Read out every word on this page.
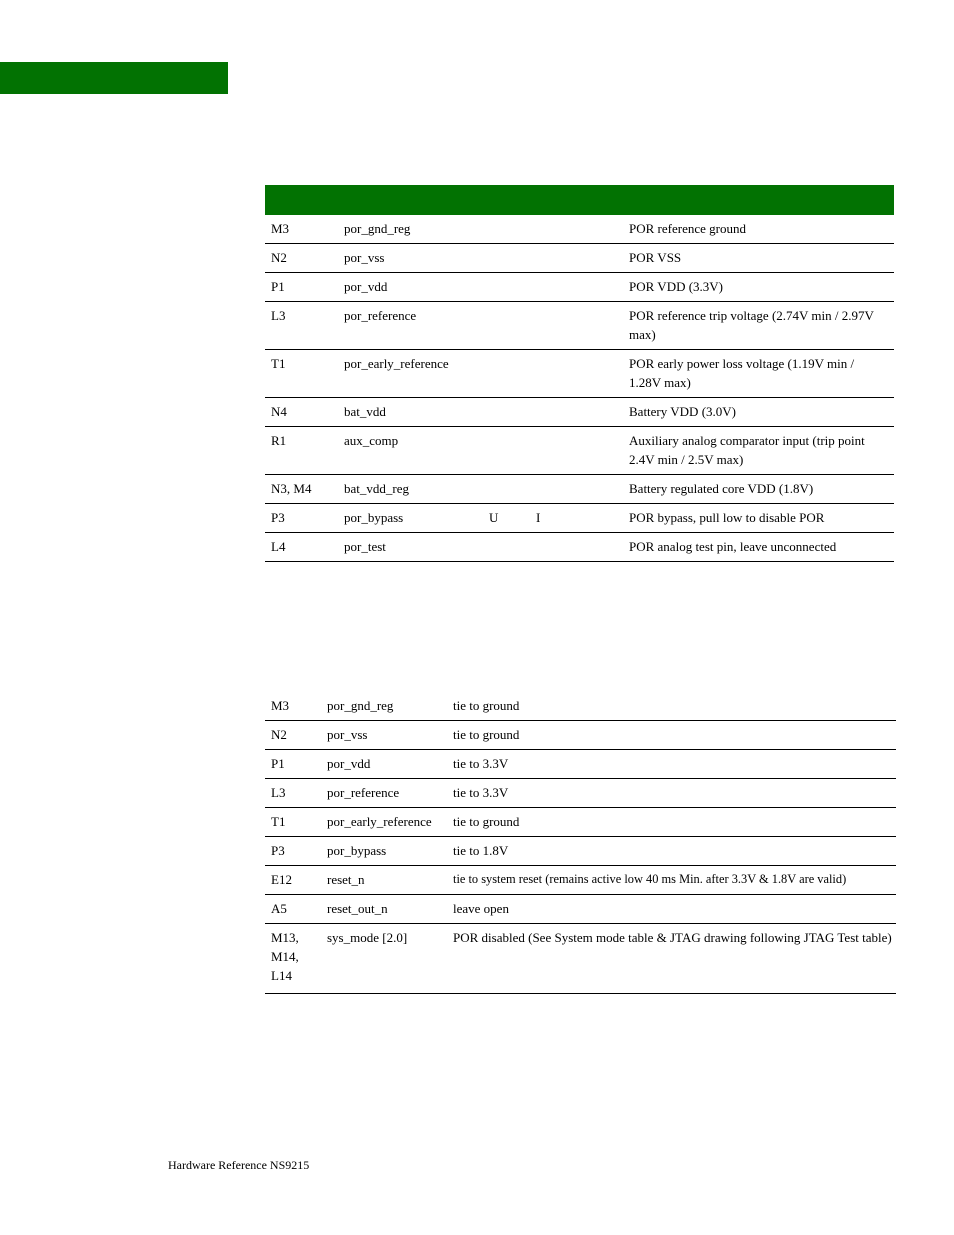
M3	por_gnd_reg			POR reference ground
N2	por_vss			POR VSS
P1	por_vdd			POR VDD (3.3V)
L3	por_reference			POR reference trip voltage (2.74V min / 2.97V max)
T1	por_early_reference			POR early power loss voltage (1.19V min / 1.28V max)
N4	bat_vdd			Battery VDD (3.0V)
R1	aux_comp			Auxiliary analog comparator input (trip point 2.4V min / 2.5V max)
N3, M4	bat_vdd_reg			Battery regulated core VDD (1.8V)
P3	por_bypass	U	I	POR bypass, pull low to disable POR
L4	por_test			POR analog test pin, leave unconnected
M3	por_gnd_reg	tie to ground
N2	por_vss	tie to ground
P1	por_vdd	tie to 3.3V
L3	por_reference	tie to 3.3V
T1	por_early_reference	tie to ground
P3	por_bypass	tie to 1.8V
E12	reset_n	tie to system reset (remains active low 40 ms Min. after 3.3V & 1.8V are valid)
A5	reset_out_n	leave open
M13, M14, L14	sys_mode [2.0]	POR disabled (See System mode table & JTAG drawing following JTAG Test table)
Hardware Reference NS9215
